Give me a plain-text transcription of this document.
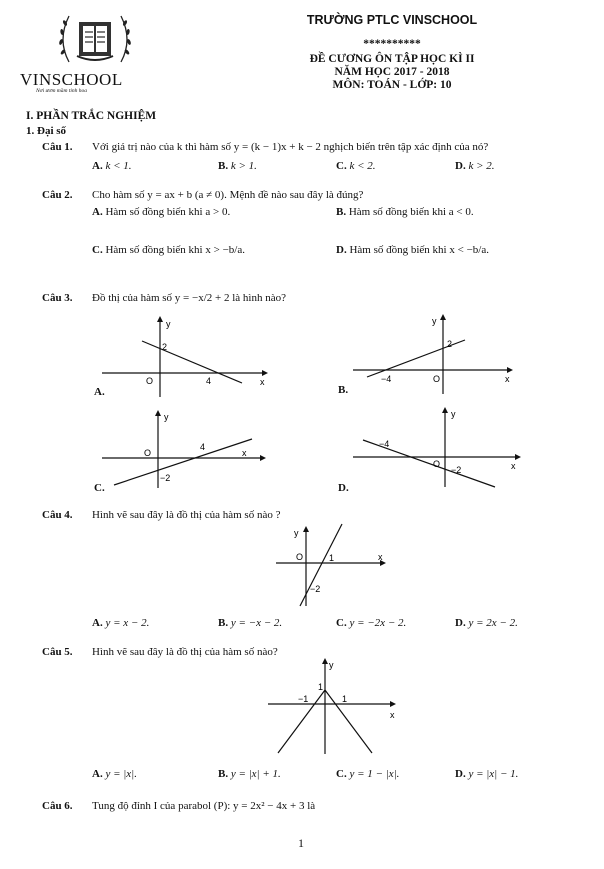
VINSCHOOL
Nơi ươm mầm tinh hoa
TRƯỜNG PTLC VINSCHOOL
**********
ĐỀ CƯƠNG ÔN TẬP HỌC KÌ II
NĂM HỌC 2017 - 2018
MÔN: TOÁN - LỚP: 10
I. PHẦN TRẮC NGHIỆM
1. Đại số
Câu 1. Với giá trị nào của k thì hàm số y = (k − 1)x + k − 2 nghịch biến trên tập xác định của nó?
A. k < 1.	B. k > 1.	C. k < 2.	D. k > 2.
Câu 2. Cho hàm số y = ax + b (a ≠ 0). Mệnh đề nào sau đây là đúng?
A. Hàm số đồng biến khi a > 0.	B. Hàm số đồng biến khi a < 0.
C. Hàm số đồng biến khi x > −b/a.	D. Hàm số đồng biến khi x < −b/a.
Câu 3. Đồ thị của hàm số y = −x/2 + 2 là hình nào?
y
x
O
2
4
A.
y
x
O
2
−4
B.
y
x
O
4
−2
C.
y
x
O
−4
−2
D.
Câu 4. Hình vẽ sau đây là đồ thị của hàm số nào ?
y
x
O	1
−2
A. y = x − 2.	B. y = −x − 2.	C. y = −2x − 2.	D. y = 2x − 2.
Câu 5. Hình vẽ sau đây là đồ thị của hàm số nào?
y
x
1
−1	1
A. y = |x|.	B. y = |x| + 1.	C. y = 1 − |x|.	D. y = |x| − 1.
Câu 6. Tung độ đỉnh I của parabol (P): y = 2x² − 4x + 3 là
1
